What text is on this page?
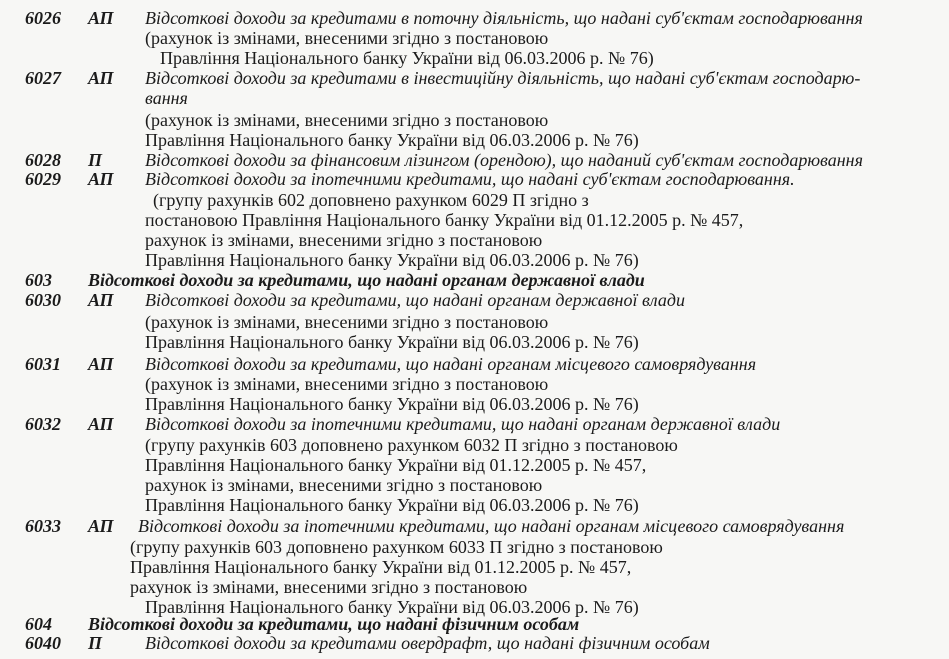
6026 АП Відсоткові доходи за кредитами в поточну діяльність, що надані суб'єктам господарювання
(рахунок із змінами, внесеними згідно з постановою
Правління Національного банку України від 06.03.2006 р. № 76)
6027 АП Відсоткові доходи за кредитами в інвестиційну діяльність, що надані суб'єктам господарю-
вання
(рахунок із змінами, внесеними згідно з постановою
Правління Національного банку України від 06.03.2006 р. № 76)
6028 П Відсоткові доходи за фінансовим лізингом (орендою), що наданий суб'єктам господарювання
6029 АП Відсоткові доходи за іпотечними кредитами, що надані суб'єктам господарювання.
(групу рахунків 602 доповнено рахунком 6029 П згідно з
постановою Правління Національного банку України від 01.12.2005 р. № 457,
рахунок із змінами, внесеними згідно з постановою
Правління Національного банку України від 06.03.2006 р. № 76)
603 Відсоткові доходи за кредитами, що надані органам державної влади
6030 АП Відсоткові доходи за кредитами, що надані органам державної влади
(рахунок із змінами, внесеними згідно з постановою
Правління Національного банку України від 06.03.2006 р. № 76)
6031 АП Відсоткові доходи за кредитами, що надані органам місцевого самоврядування
(рахунок із змінами, внесеними згідно з постановою
Правління Національного банку України від 06.03.2006 р. № 76)
6032 АП Відсоткові доходи за іпотечними кредитами, що надані органам державної влади
(групу рахунків 603 доповнено рахунком 6032 П згідно з постановою
Правління Національного банку України від 01.12.2005 р. № 457,
рахунок із змінами, внесеними згідно з постановою
Правління Національного банку України від 06.03.2006 р. № 76)
6033 АП Відсоткові доходи за іпотечними кредитами, що надані органам місцевого самоврядування
(групу рахунків 603 доповнено рахунком 6033 П згідно з постановою
Правління Національного банку України від 01.12.2005 р. № 457,
рахунок із змінами, внесеними згідно з постановою
Правління Національного банку України від 06.03.2006 р. № 76)
604 Відсоткові доходи за кредитами, що надані фізичним особам
6040 П Відсоткові доходи за кредитами овердрафт, що надані фізичним особам
